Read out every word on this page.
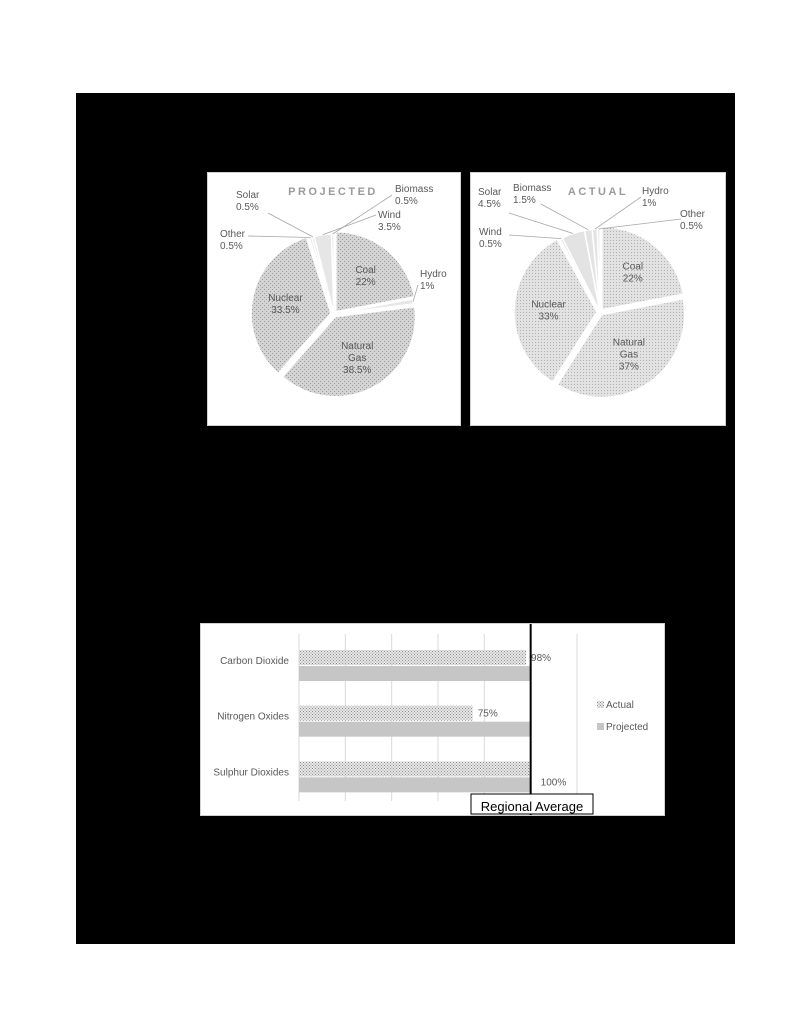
PROJECTED
Coal 22%
Hydro 1%
Natural Gas 38.5%
Nuclear 33.5%
Other 0.5%
Solar 0.5%
Wind 3.5%
Biomass 0.5%
ACTUAL
Coal 22%
Natural Gas 37%
Nuclear 33%
Wind 0.5%
Solar 4.5%
Biomass 1.5%
Hydro 1%
Other 0.5%
98%
75%
100%
Carbon Dioxide
Nitrogen Oxides
Sulphur Dioxides
Actual
Projected
Regional Average
